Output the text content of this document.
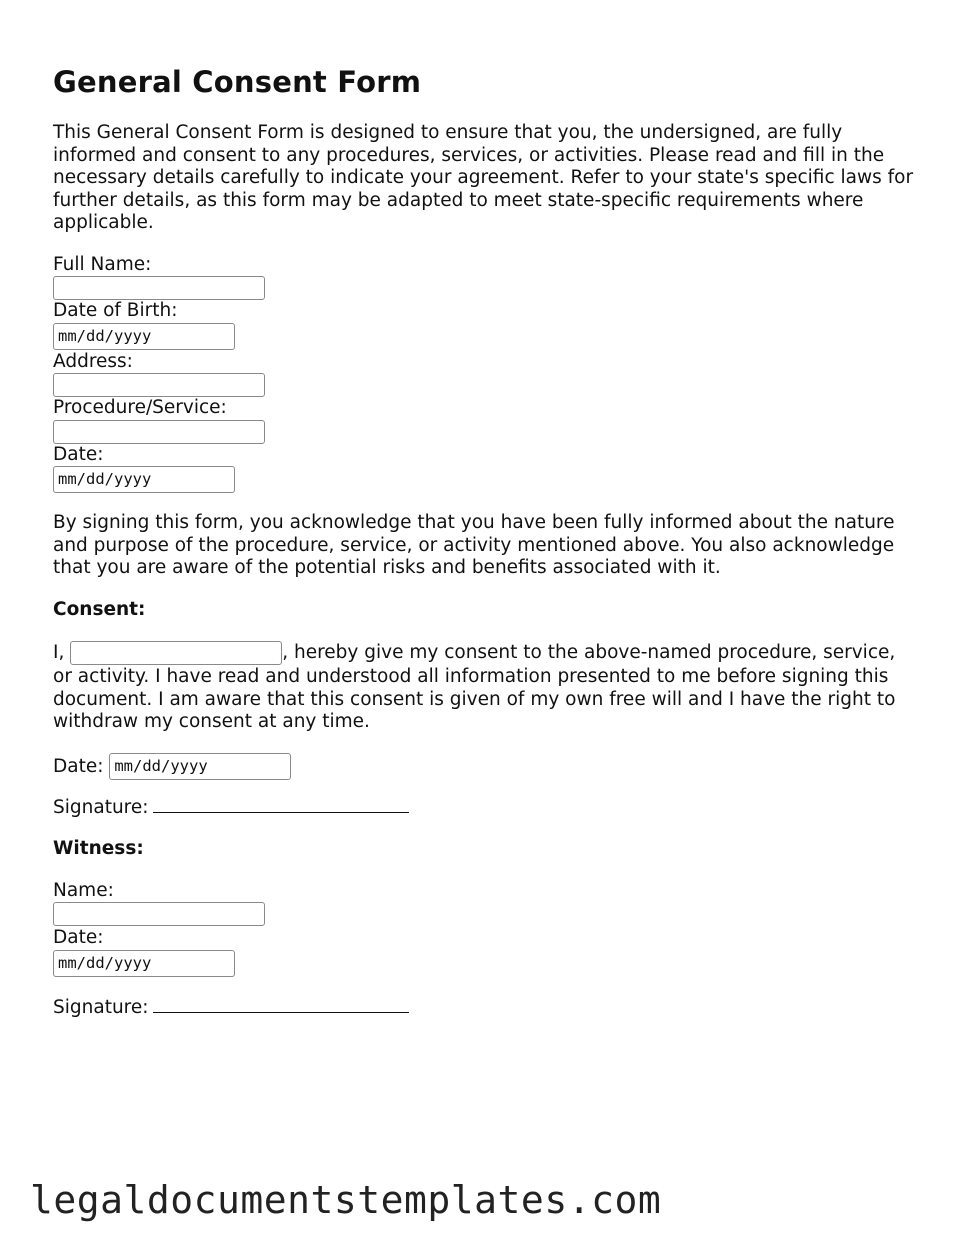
General Consent Form

This General Consent Form is designed to ensure that you, the undersigned, are fully informed and consent to any procedures, services, or activities. Please read and fill in the necessary details carefully to indicate your agreement. Refer to your state's specific laws for further details, as this form may be adapted to meet state-specific requirements where applicable.

Full Name:
Date of Birth:
mm/dd/yyyy
Address:
Procedure/Service:
Date:
mm/dd/yyyy

By signing this form, you acknowledge that you have been fully informed about the nature and purpose of the procedure, service, or activity mentioned above. You also acknowledge that you are aware of the potential risks and benefits associated with it.

Consent:

I,	, hereby give my consent to the above-named procedure, service,

or activity. I have read and understood all information presented to me before signing this document. I am aware that this consent is given of my own free will and I have the right to withdraw my consent at any time.

Date: mm/dd/yyyy
Signature:

Witness:

Name:
Date:
mm/dd/yyyy
Signature:
legaldocumentstemplates.com
